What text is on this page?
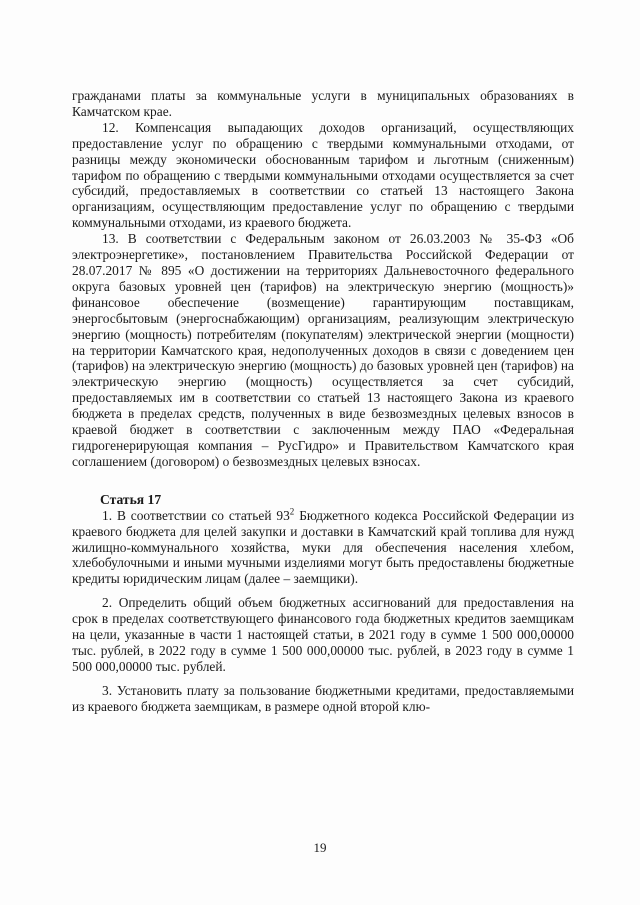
гражданами платы за коммунальные услуги в муниципальных образованиях в Камчатском крае.

12. Компенсация выпадающих доходов организаций, осуществляющих предоставление услуг по обращению с твердыми коммунальными отходами, от разницы между экономически обоснованным тарифом и льготным (сниженным) тарифом по обращению с твердыми коммунальными отходами осуществляется за счет субсидий, предоставляемых в соответствии со статьей 13 настоящего Закона организациям, осуществляющим предоставление услуг по обращению с твердыми коммунальными отходами, из краевого бюджета.

13. В соответствии с Федеральным законом от 26.03.2003 № 35-ФЗ «Об электроэнергетике», постановлением Правительства Российской Федерации от 28.07.2017 № 895 «О достижении на территориях Дальневосточного федерального округа базовых уровней цен (тарифов) на электрическую энергию (мощность)» финансовое обеспечение (возмещение) гарантирующим поставщикам, энергосбытовым (энергоснабжающим) организациям, реализующим электрическую энергию (мощность) потребителям (покупателям) электрической энергии (мощности) на территории Камчатского края, недополученных доходов в связи с доведением цен (тарифов) на электрическую энергию (мощность) до базовых уровней цен (тарифов) на электрическую энергию (мощность) осуществляется за счет субсидий, предоставляемых им в соответствии со статьей 13 настоящего Закона из краевого бюджета в пределах средств, полученных в виде безвозмездных целевых взносов в краевой бюджет в соответствии с заключенным между ПАО «Федеральная гидрогенерирующая компания – РусГидро» и Правительством Камчатского края соглашением (договором) о безвозмездных целевых взносах.

Статья 17

1. В соответствии со статьей $93^2$ Бюджетного кодекса Российской Федерации из краевого бюджета для целей закупки и доставки в Камчатский край топлива для нужд жилищно-коммунального хозяйства, муки для обеспечения населения хлебом, хлебобулочными и иными мучными изделиями могут быть предоставлены бюджетные кредиты юридическим лицам (далее – заемщики).

2. Определить общий объем бюджетных ассигнований для предоставления на срок в пределах соответствующего финансового года бюджетных кредитов заемщикам на цели, указанные в части 1 настоящей статьи, в 2021 году в сумме 1 500 000,00000 тыс. рублей, в 2022 году в сумме 1 500 000,00000 тыс. рублей, в 2023 году в сумме 1 500 000,00000 тыс. рублей.

3. Установить плату за пользование бюджетными кредитами, предоставляемыми из краевого бюджета заемщикам, в размере одной второй клю-

19
